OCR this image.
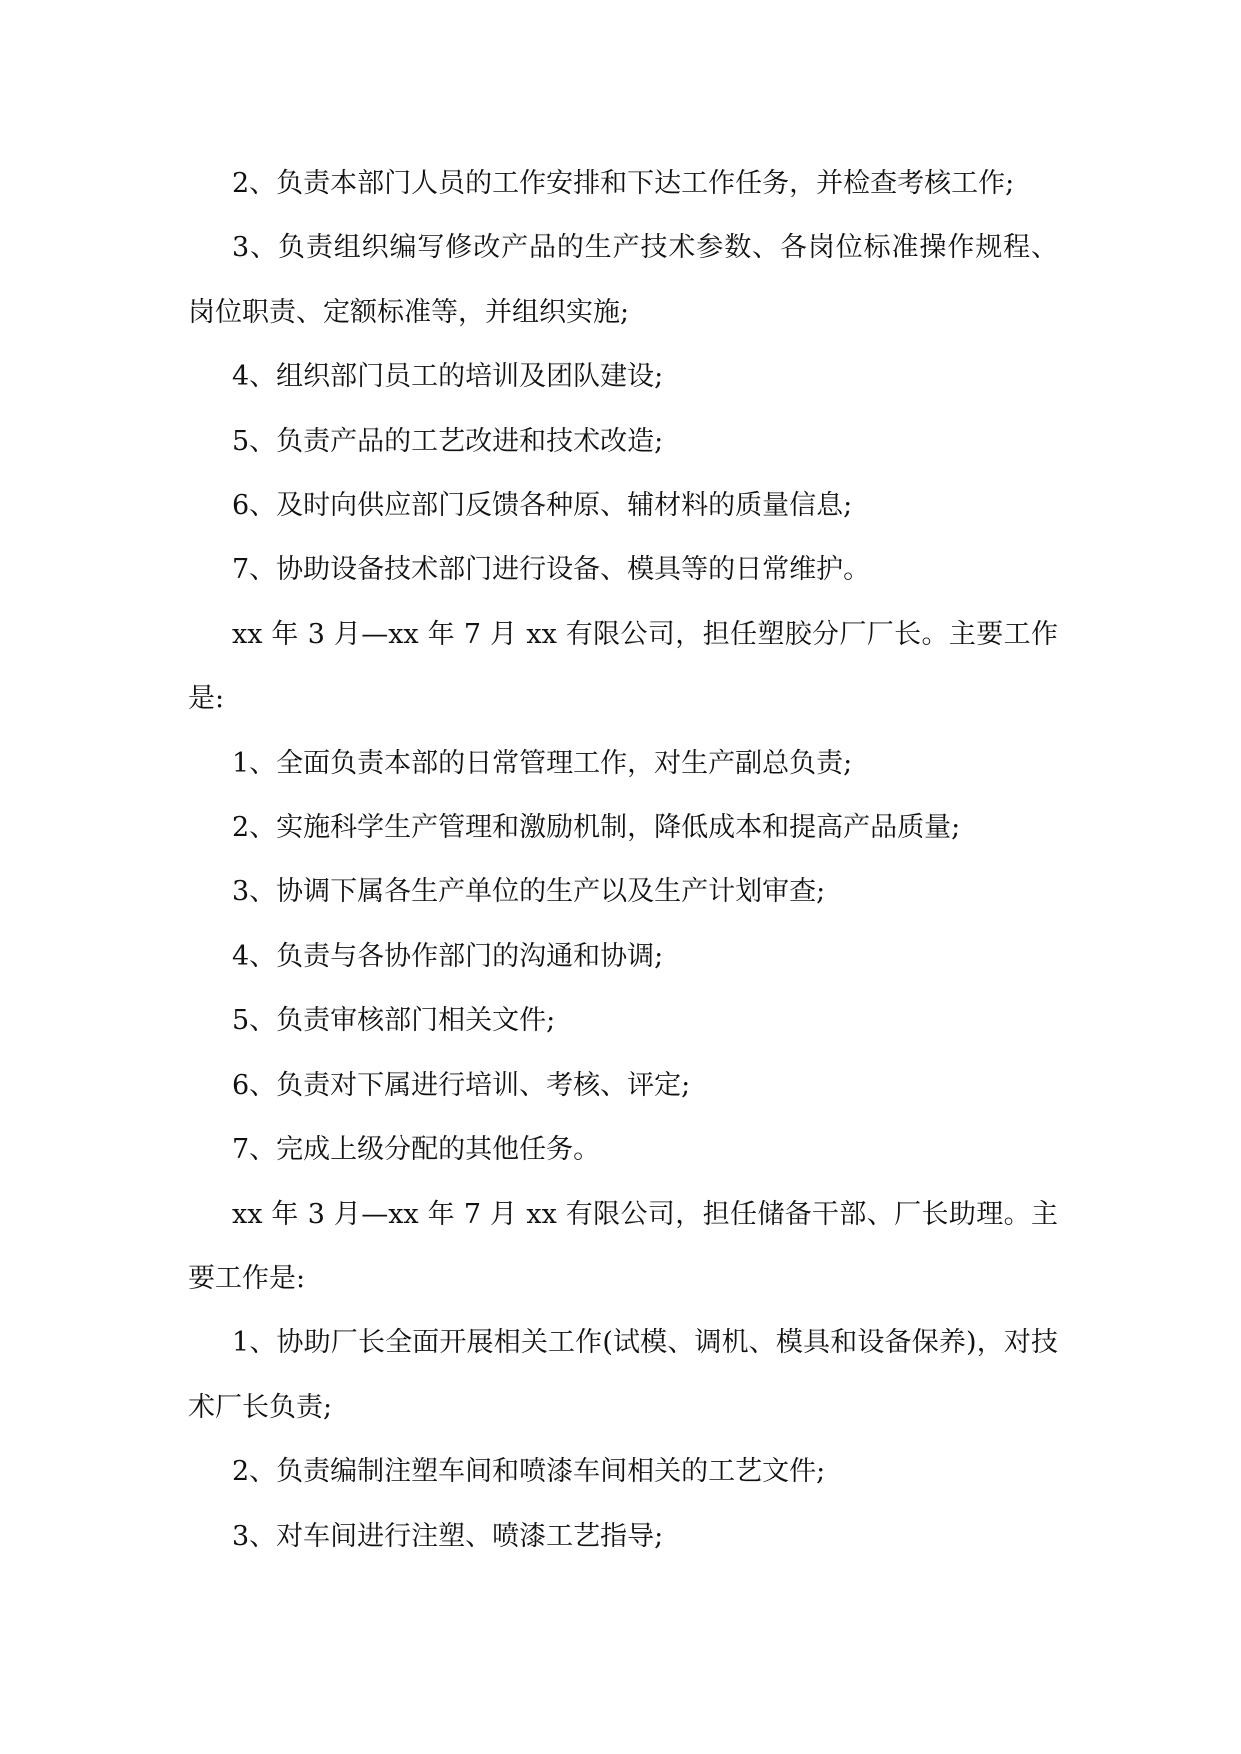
2、负责本部门人员的工作安排和下达工作任务，并检查考核工作;

3、负责组织编写修改产品的生产技术参数、各岗位标准操作规程、岗位职责、定额标准等，并组织实施;

4、组织部门员工的培训及团队建设;

5、负责产品的工艺改进和技术改造;

6、及时向供应部门反馈各种原、辅材料的质量信息;

7、协助设备技术部门进行设备、模具等的日常维护。

xx 年 3 月—xx 年 7 月 xx 有限公司，担任塑胶分厂厂长。主要工作是:

1、全面负责本部的日常管理工作，对生产副总负责;

2、实施科学生产管理和激励机制，降低成本和提高产品质量;

3、协调下属各生产单位的生产以及生产计划审查;

4、负责与各协作部门的沟通和协调;

5、负责审核部门相关文件;

6、负责对下属进行培训、考核、评定;

7、完成上级分配的其他任务。

xx 年 3 月—xx 年 7 月 xx 有限公司，担任储备干部、厂长助理。主要工作是:

1、协助厂长全面开展相关工作(试模、调机、模具和设备保养)，对技术厂长负责;

2、负责编制注塑车间和喷漆车间相关的工艺文件;

3、对车间进行注塑、喷漆工艺指导;
